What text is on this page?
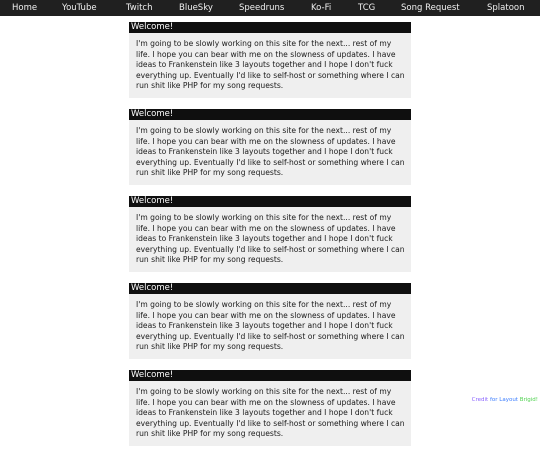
Home	YouTube	Twitch	BlueSky	Speedruns	Ko-Fi	TCG	Song Request	Splatoon
Welcome!
I'm going to be slowly working on this site for the next... rest of my life. I hope you can bear with me on the slowness of updates. I have ideas to Frankenstein like 3 layouts together and I hope I don't fuck everything up. Eventually I'd like to self-host or something where I can run shit like PHP for my song requests.
Welcome!
I'm going to be slowly working on this site for the next... rest of my life. I hope you can bear with me on the slowness of updates. I have ideas to Frankenstein like 3 layouts together and I hope I don't fuck everything up. Eventually I'd like to self-host or something where I can run shit like PHP for my song requests.
Welcome!
I'm going to be slowly working on this site for the next... rest of my life. I hope you can bear with me on the slowness of updates. I have ideas to Frankenstein like 3 layouts together and I hope I don't fuck everything up. Eventually I'd like to self-host or something where I can run shit like PHP for my song requests.
Welcome!
I'm going to be slowly working on this site for the next... rest of my life. I hope you can bear with me on the slowness of updates. I have ideas to Frankenstein like 3 layouts together and I hope I don't fuck everything up. Eventually I'd like to self-host or something where I can run shit like PHP for my song requests.
Welcome!
I'm going to be slowly working on this site for the next... rest of my life. I hope you can bear with me on the slowness of updates. I have ideas to Frankenstein like 3 layouts together and I hope I don't fuck everything up. Eventually I'd like to self-host or something where I can run shit like PHP for my song requests.
Credit for Layout Brigid!
